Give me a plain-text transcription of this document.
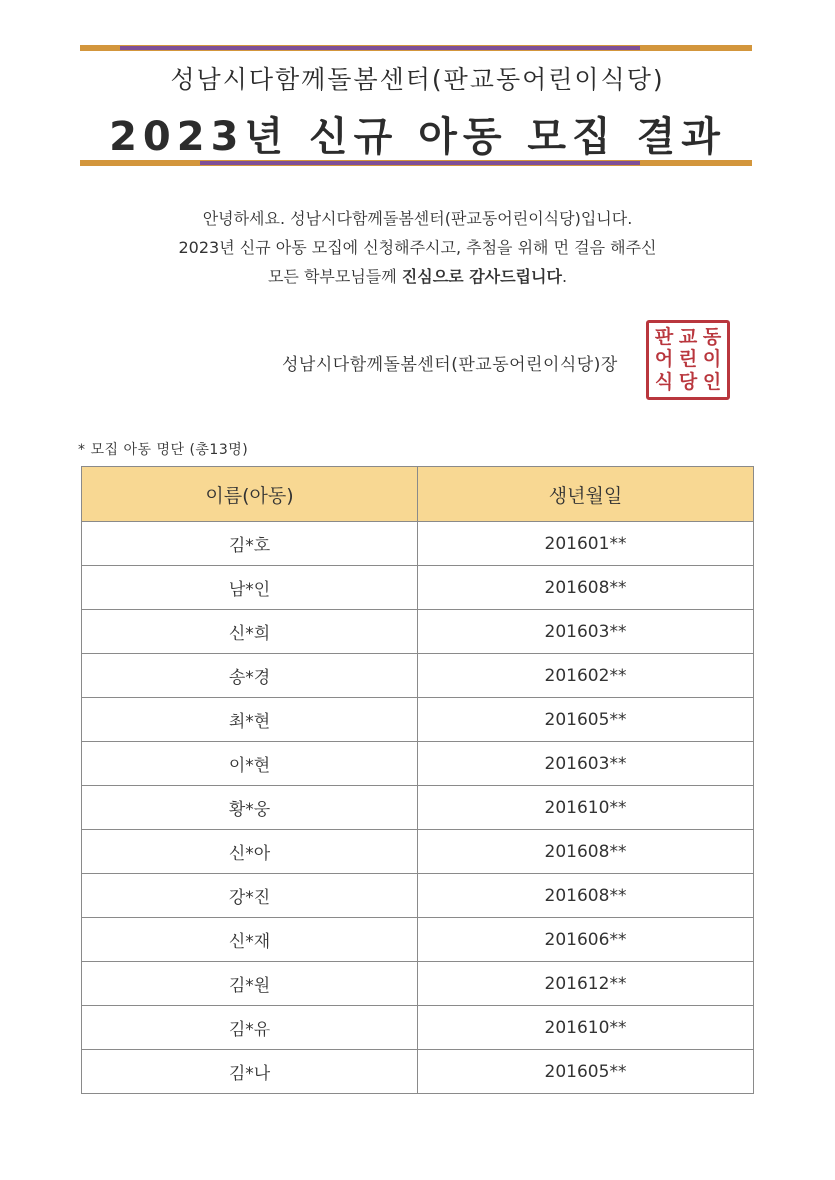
성남시다함께돌봄센터(판교동어린이식당)
2023년 신규 아동 모집 결과
안녕하세요. 성남시다함께돌봄센터(판교동어린이식당)입니다.
2023년 신규 아동 모집에 신청해주시고, 추첨을 위해 먼 걸음 해주신
모든 학부모님들께 진심으로 감사드립니다.
성남시다함께돌봄센터(판교동어린이식당)장
판 교 동
어 린 이
식 당 인
* 모집 아동 명단 (총13명)
이름(아동)	생년월일
김*호	201601**
남*인	201608**
신*희	201603**
송*경	201602**
최*현	201605**
이*현	201603**
황*웅	201610**
신*아	201608**
강*진	201608**
신*재	201606**
김*원	201612**
김*유	201610**
김*나	201605**
